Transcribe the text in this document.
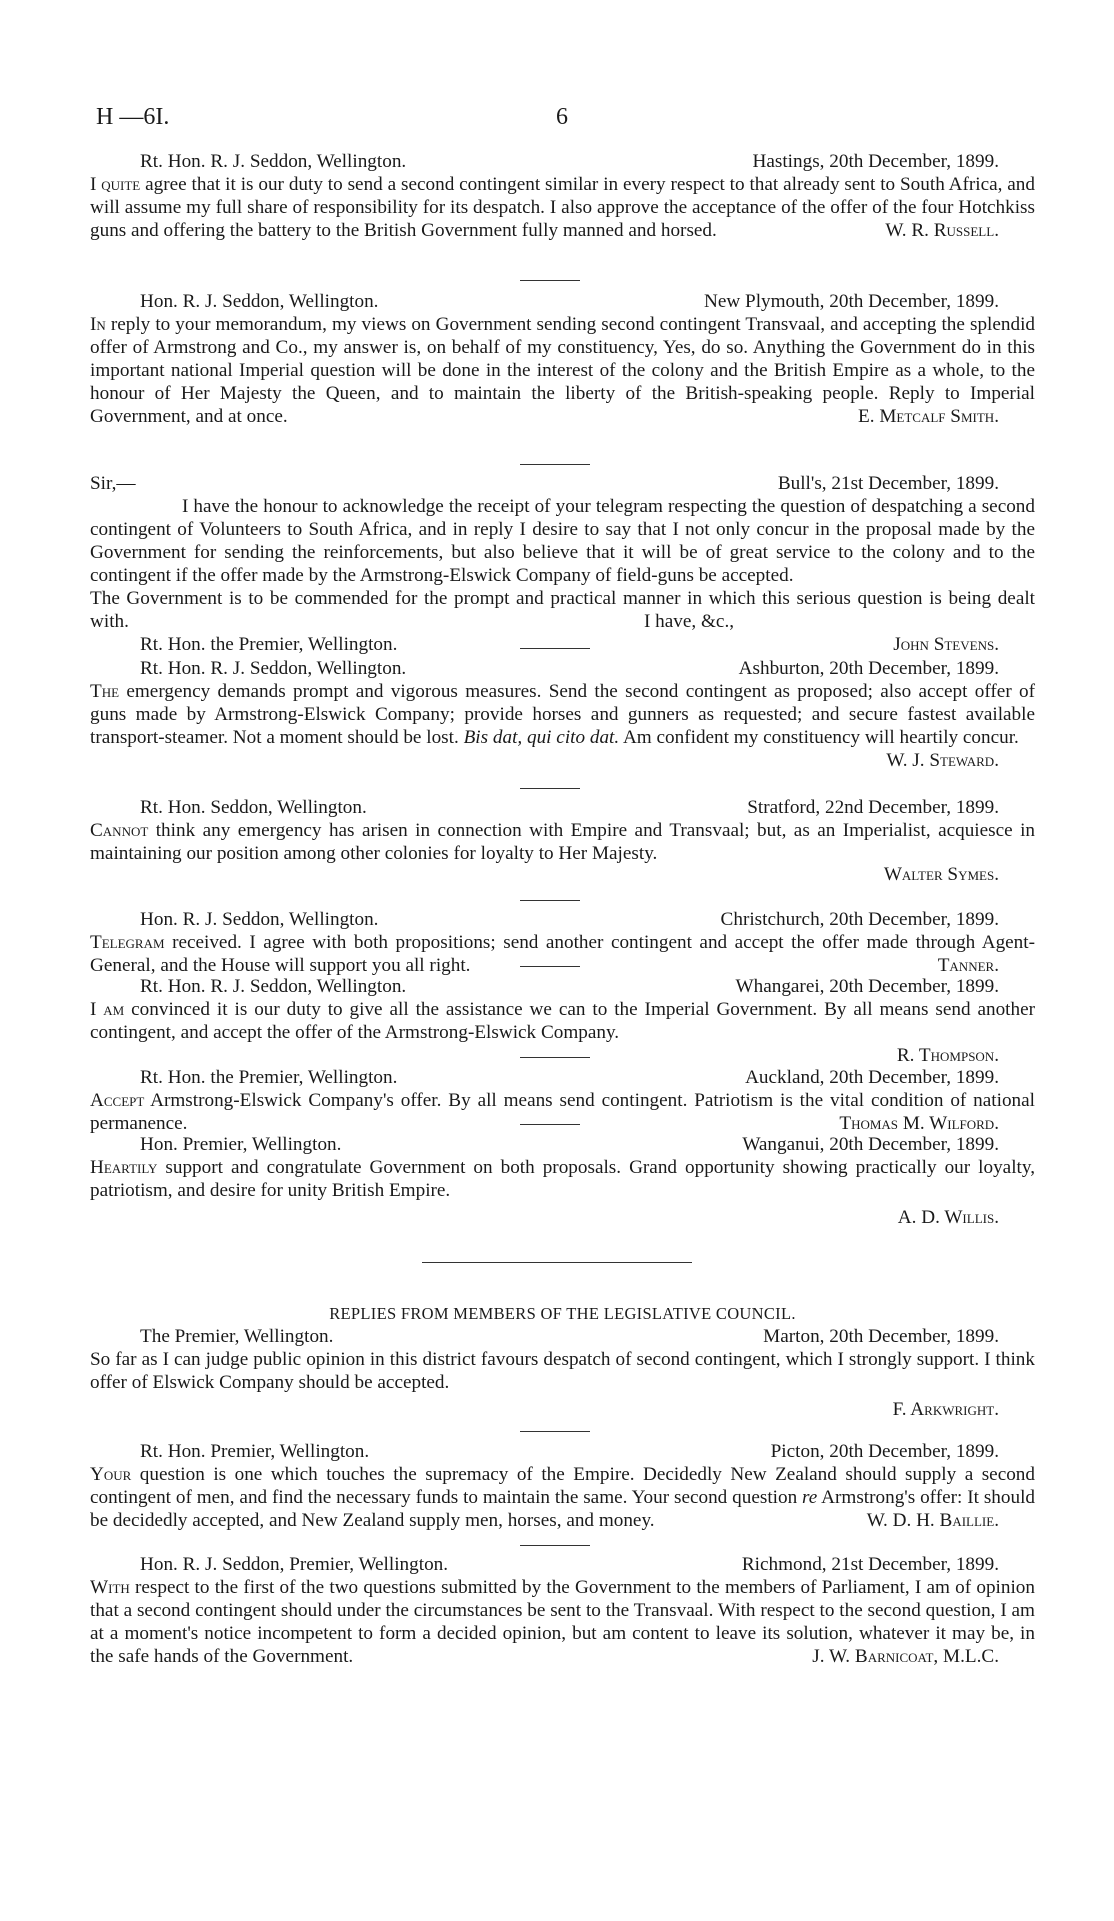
H —6I.	6
Rt. Hon. R. J. Seddon, Wellington.	Hastings, 20th December, 1899.
I quite agree that it is our duty to send a second contingent similar in every respect to that already sent to South Africa, and will assume my full share of responsibility for its despatch. I also approve the acceptance of the offer of the four Hotchkiss guns and offering the battery to the British Government fully manned and horsed.	W. R. Russell.
Hon. R. J. Seddon, Wellington.	New Plymouth, 20th December, 1899.
In reply to your memorandum, my views on Government sending second contingent Transvaal, and accepting the splendid offer of Armstrong and Co., my answer is, on behalf of my constituency, Yes, do so. Anything the Government do in this important national Imperial question will be done in the interest of the colony and the British Empire as a whole, to the honour of Her Majesty the Queen, and to maintain the liberty of the British-speaking people. Reply to Imperial Government, and at once.	E. Metcalf Smith.
Sir,—	Bull's, 21st December, 1899.
I have the honour to acknowledge the receipt of your telegram respecting the question of despatching a second contingent of Volunteers to South Africa, and in reply I desire to say that I not only concur in the proposal made by the Government for sending the reinforcements, but also believe that it will be of great service to the colony and to the contingent if the offer made by the Armstrong-Elswick Company of field-guns be accepted.
The Government is to be commended for the prompt and practical manner in which this serious question is being dealt with.	I have, &c.,
Rt. Hon. the Premier, Wellington.	John Stevens.
Rt. Hon. R. J. Seddon, Wellington.	Ashburton, 20th December, 1899.
The emergency demands prompt and vigorous measures. Send the second contingent as proposed; also accept offer of guns made by Armstrong-Elswick Company; provide horses and gunners as requested; and secure fastest available transport-steamer. Not a moment should be lost. Bis dat, qui cito dat. Am confident my constituency will heartily concur.
W. J. Steward.
Rt. Hon. Seddon, Wellington.	Stratford, 22nd December, 1899.
Cannot think any emergency has arisen in connection with Empire and Transvaal; but, as an Imperialist, acquiesce in maintaining our position among other colonies for loyalty to Her Majesty.
Walter Symes.
Hon. R. J. Seddon, Wellington.	Christchurch, 20th December, 1899.
Telegram received. I agree with both propositions; send another contingent and accept the offer made through Agent-General, and the House will support you all right.	Tanner.
Rt. Hon. R. J. Seddon, Wellington.	Whangarei, 20th December, 1899.
I am convinced it is our duty to give all the assistance we can to the Imperial Government. By all means send another contingent, and accept the offer of the Armstrong-Elswick Company.
R. Thompson.
Rt. Hon. the Premier, Wellington.	Auckland, 20th December, 1899.
Accept Armstrong-Elswick Company's offer. By all means send contingent. Patriotism is the vital condition of national permanence.	Thomas M. Wilford.
Hon. Premier, Wellington.	Wanganui, 20th December, 1899.
Heartily support and congratulate Government on both proposals. Grand opportunity showing practically our loyalty, patriotism, and desire for unity British Empire.
A. D. Willis.
REPLIES FROM MEMBERS OF THE LEGISLATIVE COUNCIL.
The Premier, Wellington.	Marton, 20th December, 1899.
So far as I can judge public opinion in this district favours despatch of second contingent, which I strongly support. I think offer of Elswick Company should be accepted.
F. Arkwright.
Rt. Hon. Premier, Wellington.	Picton, 20th December, 1899.
Your question is one which touches the supremacy of the Empire. Decidedly New Zealand should supply a second contingent of men, and find the necessary funds to maintain the same. Your second question re Armstrong's offer: It should be decidedly accepted, and New Zealand supply men, horses, and money.	W. D. H. Baillie.
Hon. R. J. Seddon, Premier, Wellington.	Richmond, 21st December, 1899.
With respect to the first of the two questions submitted by the Government to the members of Parliament, I am of opinion that a second contingent should under the circumstances be sent to the Transvaal. With respect to the second question, I am at a moment's notice incompetent to form a decided opinion, but am content to leave its solution, whatever it may be, in the safe hands of the Government.	J. W. Barnicoat, M.L.C.
